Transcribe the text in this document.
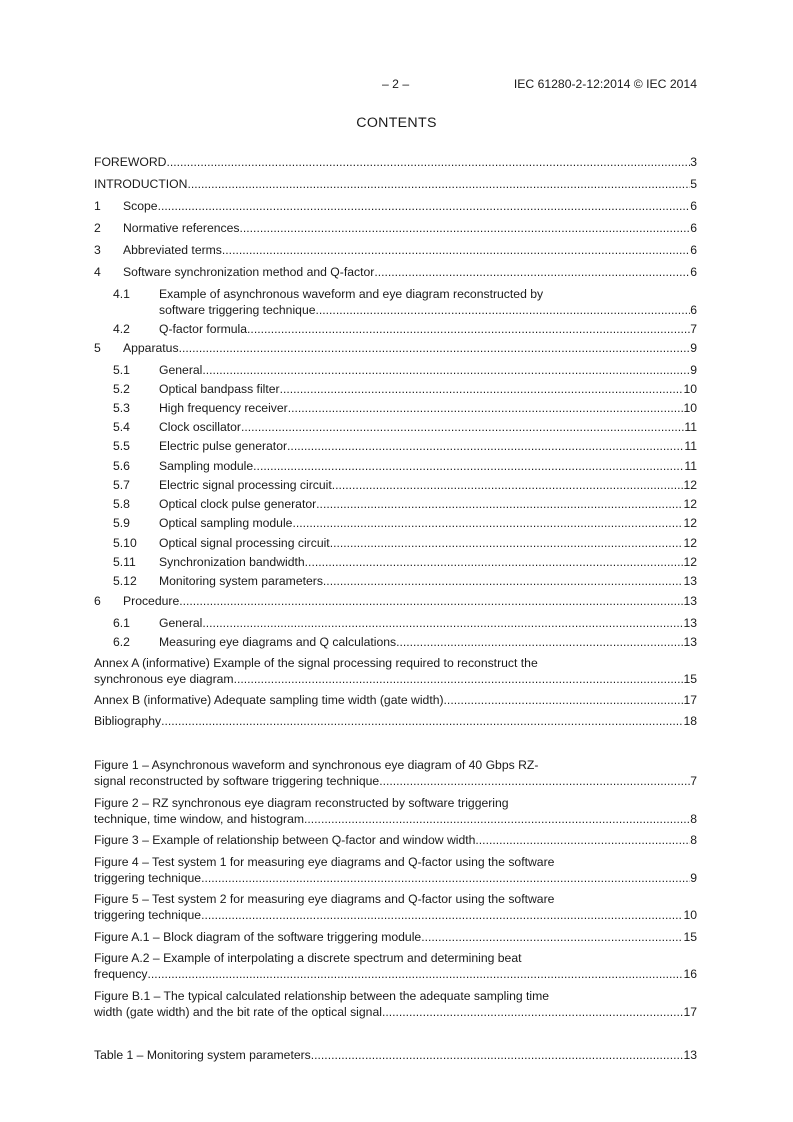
– 2 –	IEC 61280-2-12:2014 © IEC 2014
CONTENTS
FOREWORD .....	3
INTRODUCTION .....	5
1 Scope .....	6
2 Normative references .....	6
3 Abbreviated terms .....	6
4 Software synchronization method and Q-factor .....	6
4.1 Example of asynchronous waveform and eye diagram reconstructed by
software triggering technique .....	6
4.2 Q-factor formula .....	7
5 Apparatus .....	9
5.1 General .....	9
5.2 Optical bandpass filter .....	10
5.3 High frequency receiver .....	10
5.4 Clock oscillator .....	11
5.5 Electric pulse generator .....	11
5.6 Sampling module .....	11
5.7 Electric signal processing circuit .....	12
5.8 Optical clock pulse generator .....	12
5.9 Optical sampling module .....	12
5.10 Optical signal processing circuit .....	12
5.11 Synchronization bandwidth .....	12
5.12 Monitoring system parameters .....	13
6 Procedure .....	13
6.1 General .....	13
6.2 Measuring eye diagrams and Q calculations .....	13
Annex A (informative) Example of the signal processing required to reconstruct the
synchronous eye diagram .....	15
Annex B (informative) Adequate sampling time width (gate width) .....	17
Bibliography .....	18
Figure 1 – Asynchronous waveform and synchronous eye diagram of 40 Gbps RZ-
signal reconstructed by software triggering technique .....	7
Figure 2 – RZ synchronous eye diagram reconstructed by software triggering
technique, time window, and histogram .....	8
Figure 3 – Example of relationship between Q-factor and window width .....	8
Figure 4 – Test system 1 for measuring eye diagrams and Q-factor using the software
triggering technique .....	9
Figure 5 – Test system 2 for measuring eye diagrams and Q-factor using the software
triggering technique .....	10
Figure A.1 – Block diagram of the software triggering module .....	15
Figure A.2 – Example of interpolating a discrete spectrum and determining beat
frequency .....	16
Figure B.1 – The typical calculated relationship between the adequate sampling time
width (gate width) and the bit rate of the optical signal .....	17
Table 1 – Monitoring system parameters .....	13
